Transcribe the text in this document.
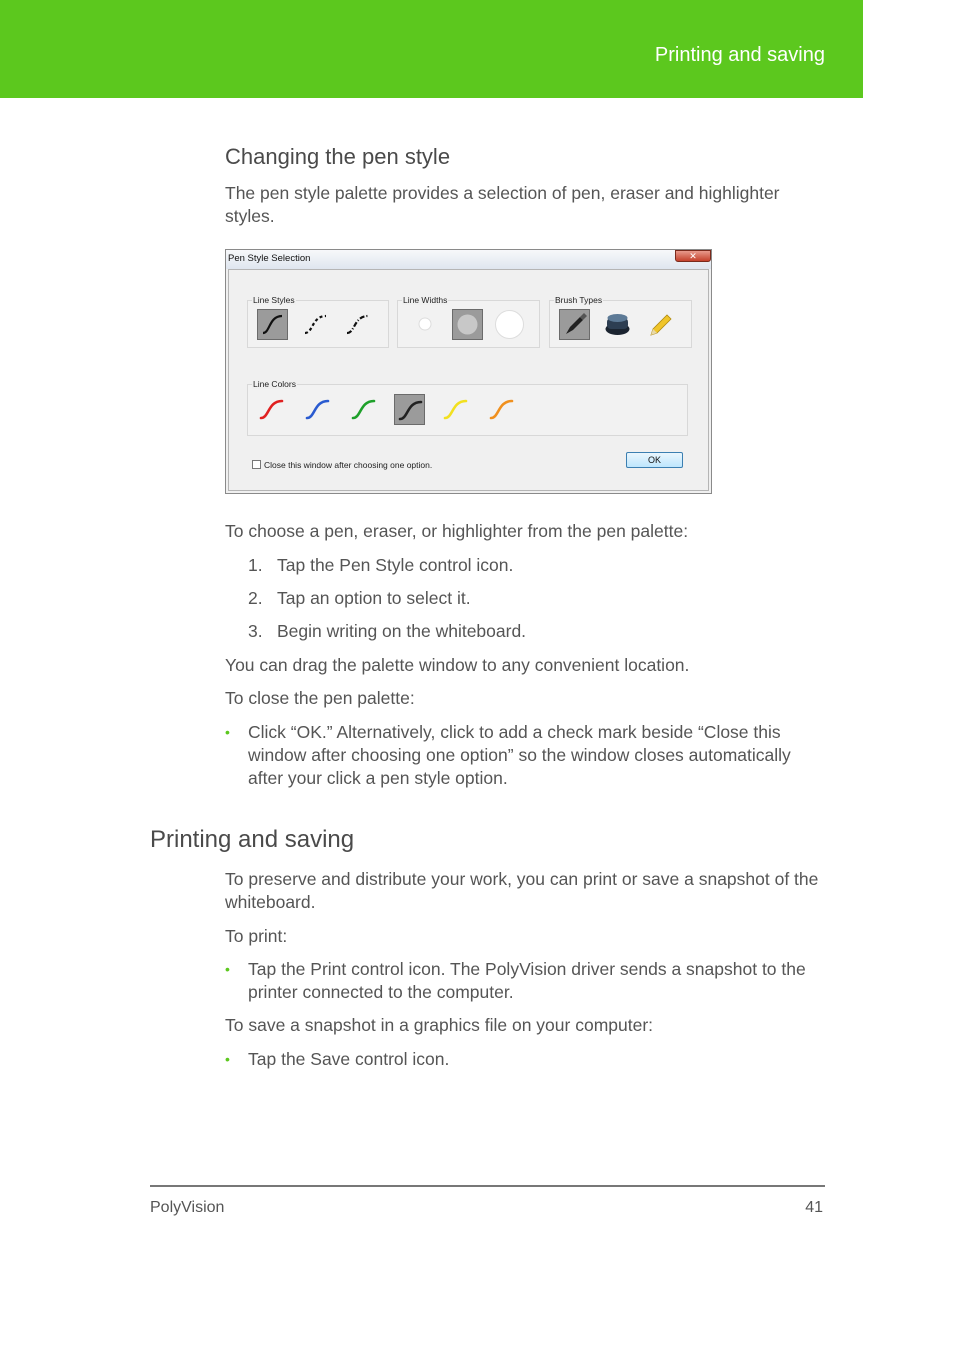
Printing and saving
Changing the pen style

The pen style palette provides a selection of pen, eraser and highlighter styles.

Pen Style Selection	✕
Line Styles	Line Widths	Brush Types
Line Colors
Close this window after choosing one option.	OK

To choose a pen, eraser, or highlighter from the pen palette:

1. Tap the Pen Style control icon.
2. Tap an option to select it.
3. Begin writing on the whiteboard.

You can drag the palette window to any convenient location.

To close the pen palette:

• Click “OK.” Alternatively, click to add a check mark beside “Close this window after choosing one option” so the window closes automatically after your click a pen style option.
Printing and saving

To preserve and distribute your work, you can print or save a snapshot of the whiteboard.

To print:

• Tap the Print control icon. The PolyVision driver sends a snapshot to the printer connected to the computer.

To save a snapshot in a graphics file on your computer:

• Tap the Save control icon.
PolyVision	41
